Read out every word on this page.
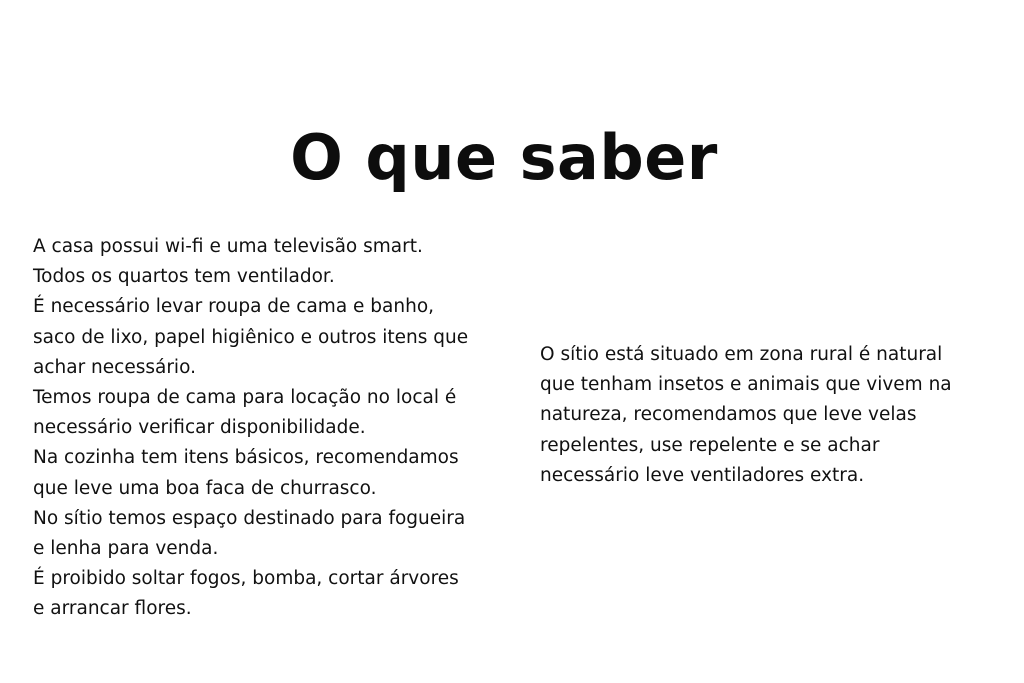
O que saber
A casa possui wi-fi e uma televisão smart.
Todos os quartos tem ventilador.
É necessário levar roupa de cama e banho,
saco de lixo, papel higiênico e outros itens que
achar necessário.
Temos roupa de cama para locação no local é
necessário verificar disponibilidade.
Na cozinha tem itens básicos, recomendamos
que leve uma boa faca de churrasco.
No sítio temos espaço destinado para fogueira
e lenha para venda.
É proibido soltar fogos, bomba, cortar árvores
e arrancar flores.
O sítio está situado em zona rural é natural
que tenham insetos e animais que vivem na
natureza, recomendamos que leve velas
repelentes, use repelente e se achar
necessário leve ventiladores extra.
